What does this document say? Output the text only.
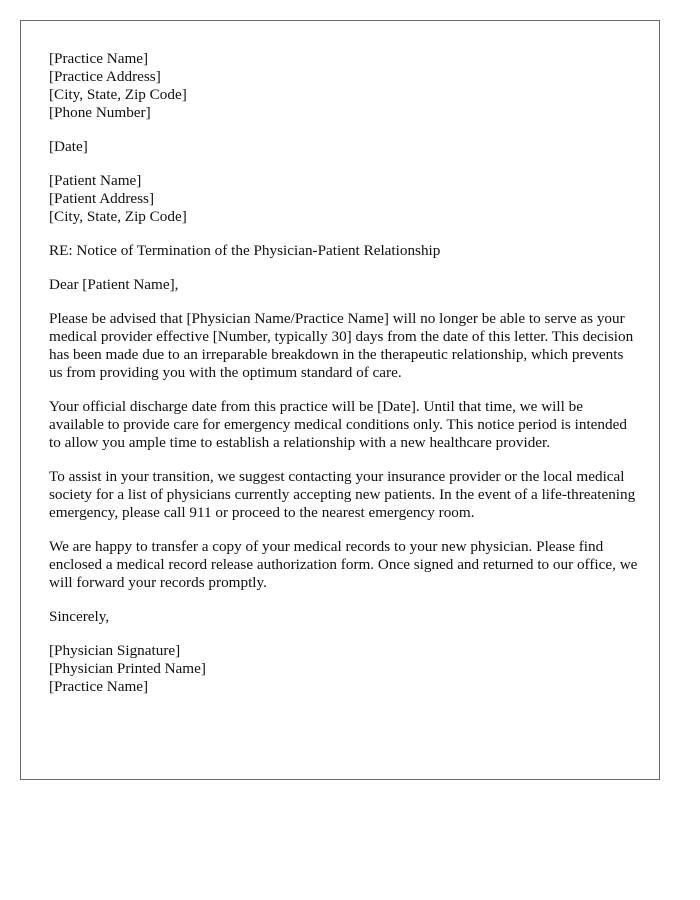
[Practice Name]
[Practice Address]
[City, State, Zip Code]
[Phone Number]
[Date]
[Patient Name]
[Patient Address]
[City, State, Zip Code]
RE: Notice of Termination of the Physician-Patient Relationship
Dear [Patient Name],

Please be advised that [Physician Name/Practice Name] will no longer be able to serve as your medical provider effective [Number, typically 30] days from the date of this letter. This decision has been made due to an irreparable breakdown in the therapeutic relationship, which prevents us from providing you with the optimum standard of care.

Your official discharge date from this practice will be [Date]. Until that time, we will be available to provide care for emergency medical conditions only. This notice period is intended to allow you ample time to establish a relationship with a new healthcare provider.

To assist in your transition, we suggest contacting your insurance provider or the local medical society for a list of physicians currently accepting new patients. In the event of a life-threatening emergency, please call 911 or proceed to the nearest emergency room.

We are happy to transfer a copy of your medical records to your new physician. Please find enclosed a medical record release authorization form. Once signed and returned to our office, we will forward your records promptly.

Sincerely,
[Physician Signature]
[Physician Printed Name]
[Practice Name]
